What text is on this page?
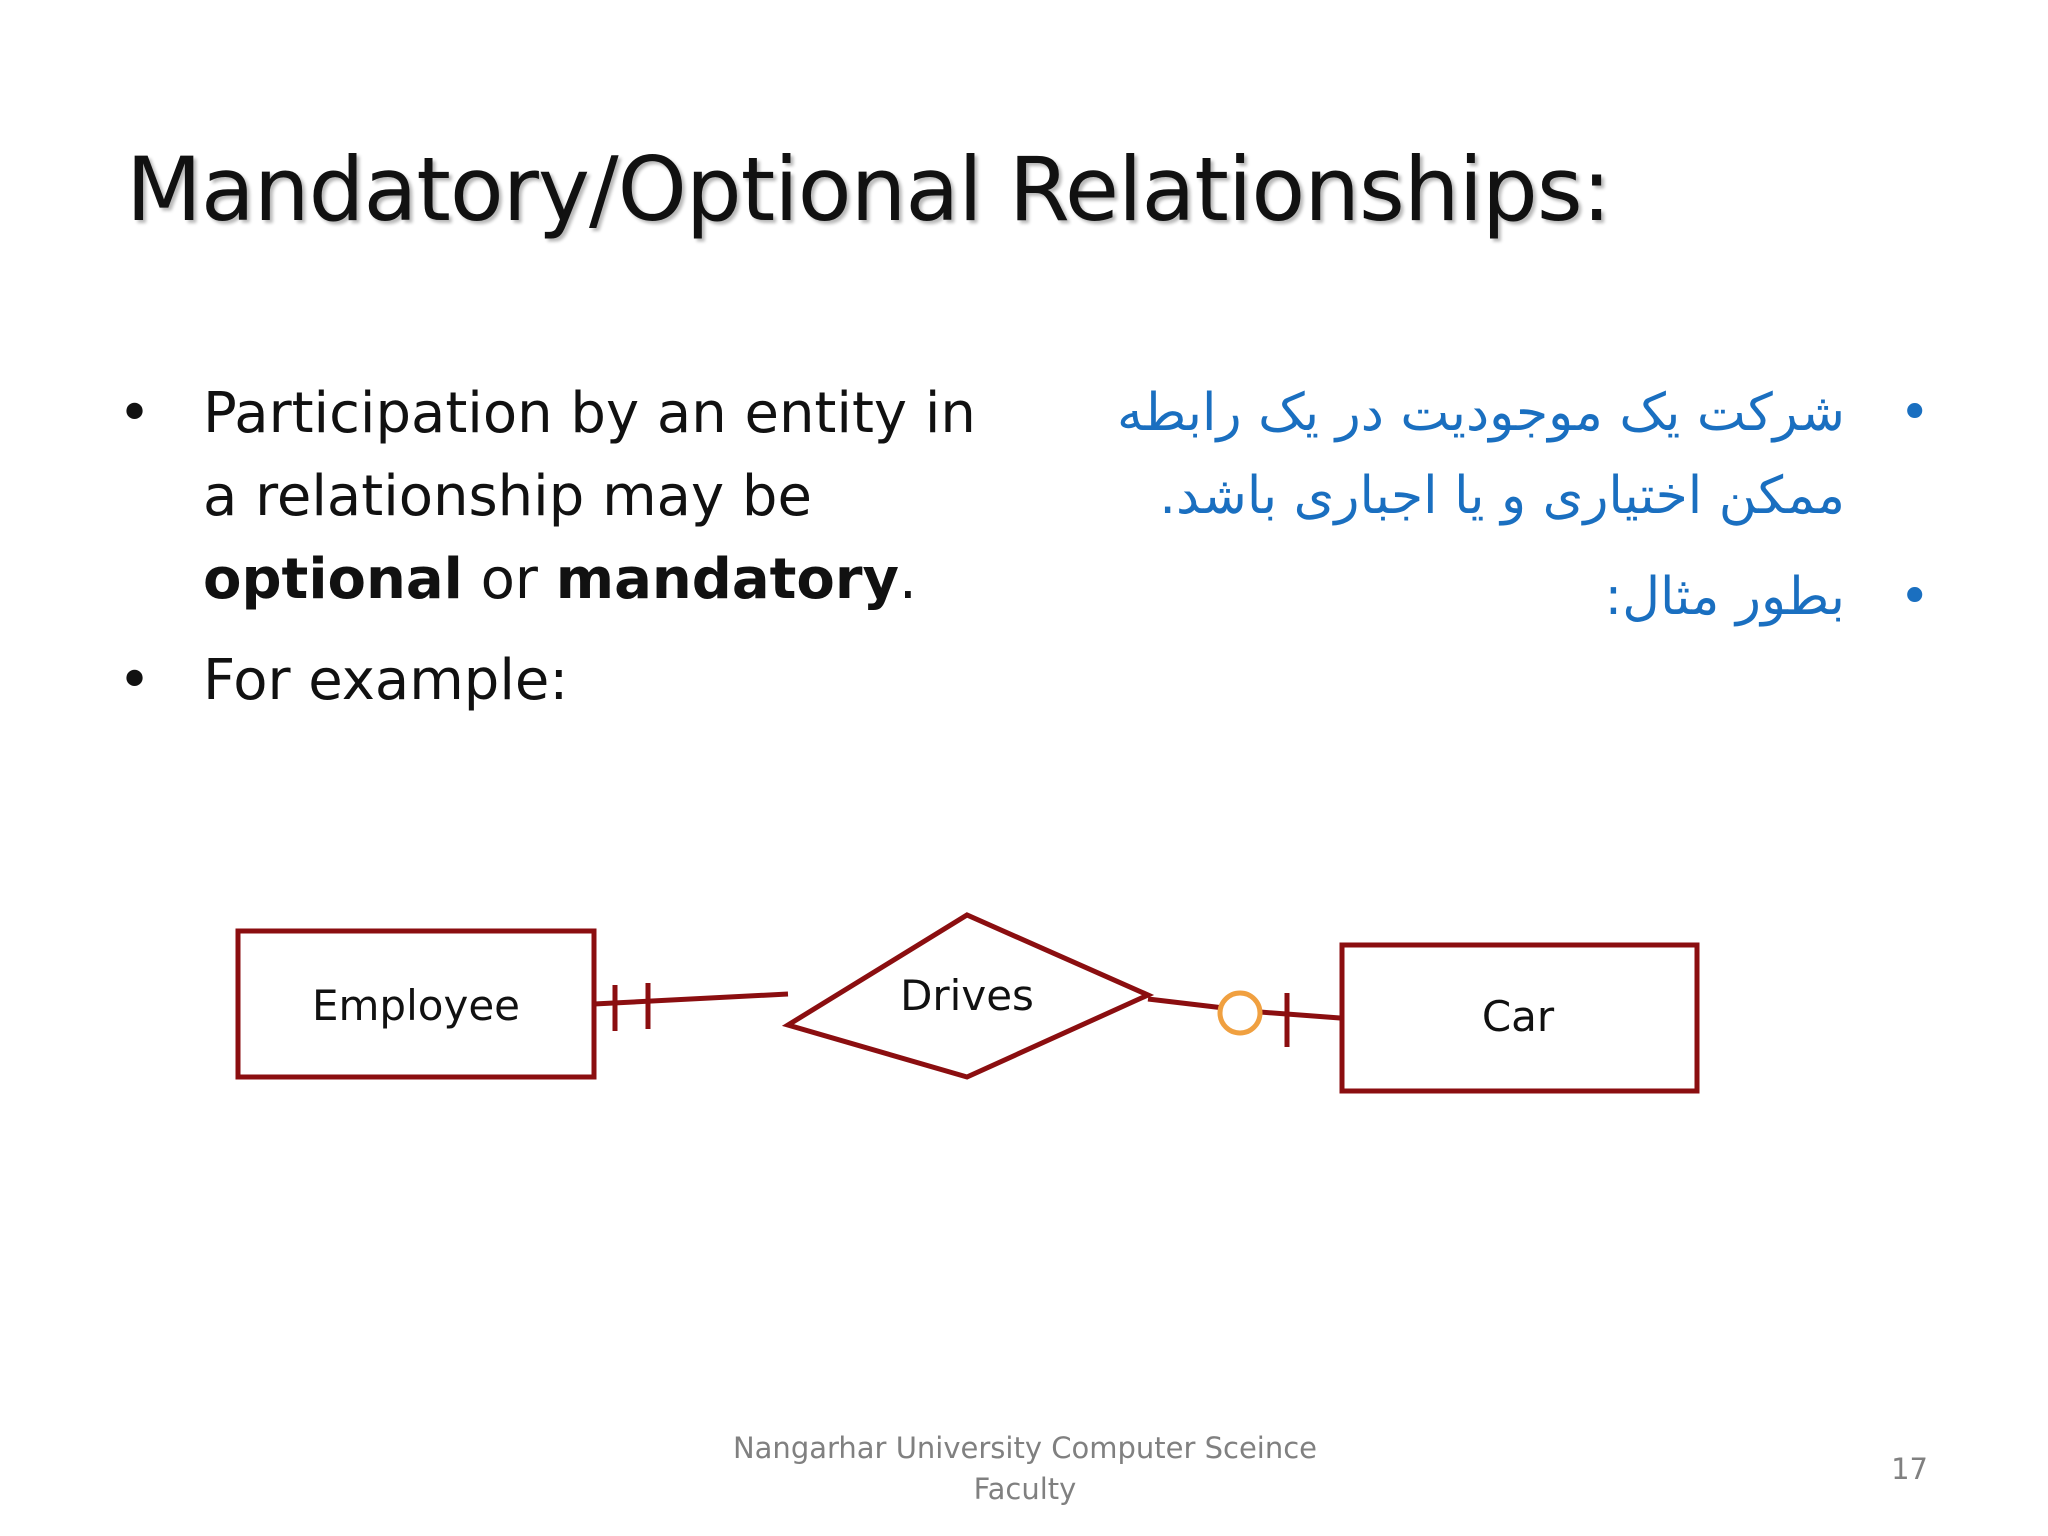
Mandatory/Optional Relationships:
• Participation by an entity in a relationship may be optional or mandatory.
• For example:
•
شرکت یک موجودیت در یک رابطه ممکن اختیاری و یا اجباری باشد.
•
بطور مثال:
Employee	Drives	Car
Nangarhar University Computer Sceince Faculty
17
